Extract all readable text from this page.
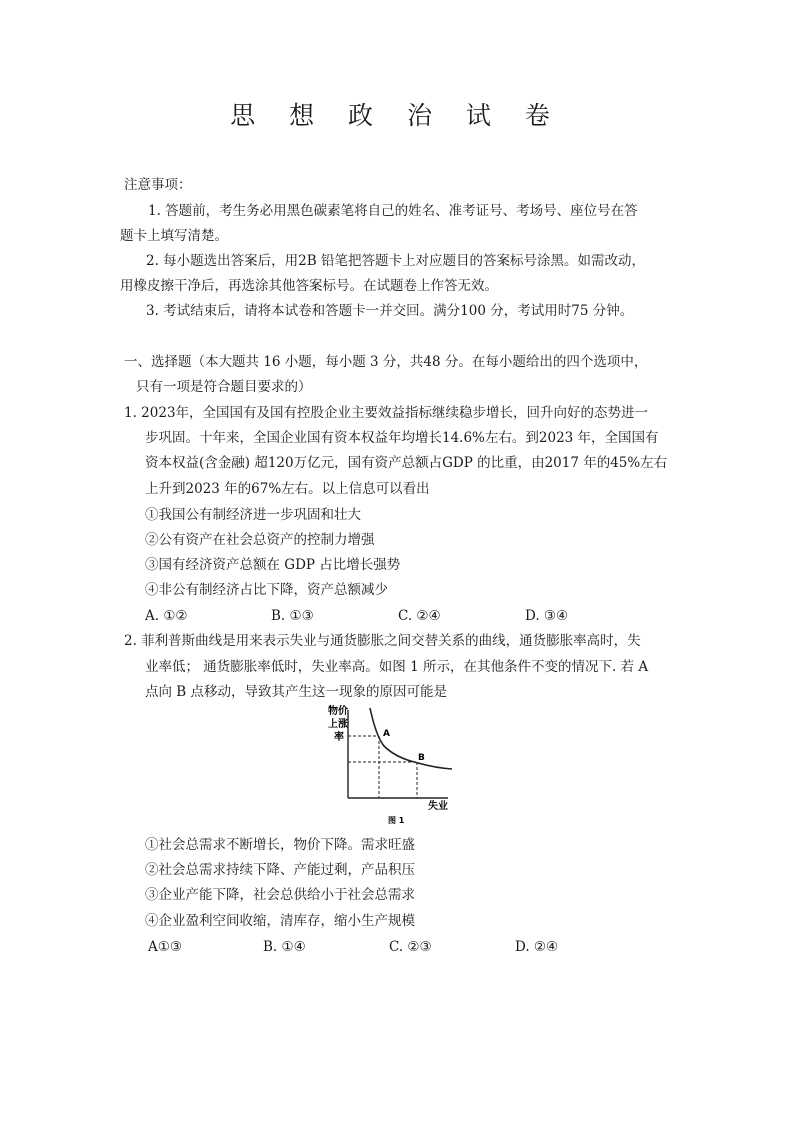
思 想 政 治 试 卷
注意事项：
1. 答题前，考生务必用黑色碳素笔将自己的姓名、准考证号、考场号、座位号在答
题卡上填写清楚。
2. 每小题选出答案后，用2B 铅笔把答题卡上对应题目的答案标号涂黑。如需改动，
用橡皮擦干净后，再选涂其他答案标号。在试题卷上作答无效。
3. 考试结束后，请将本试卷和答题卡一并交回。满分100 分，考试用时75 分钟。
一、选择题（本大题共 16 小题，每小题 3 分，共48 分。在每小题给出的四个选项中，
只有一项是符合题目要求的）
1. 2023年，全国国有及国有控股企业主要效益指标继续稳步增长，回升向好的态势进一
步巩固。十年来，全国企业国有资本权益年均增长14.6%左右。到2023 年，全国国有
资本权益(含金融) 超120万亿元，国有资产总额占GDP 的比重，由2017 年的45%左右
上升到2023 年的67%左右。以上信息可以看出
①我国公有制经济进一步巩固和壮大
②公有资产在社会总资产的控制力增强
③国有经济资产总额在 GDP 占比增长强势
④非公有制经济占比下降，资产总额减少
A. ①②	B. ①③	C. ②④	D. ③④
2. 菲利普斯曲线是用来表示失业与通货膨胀之间交替关系的曲线，通货膨胀率高时，失
业率低； 通货膨胀率低时，失业率高。如图 1 所示，在其他条件不变的情况下. 若 A
点向 B 点移动，导致其产生这一现象的原因可能是
物价
上涨
率	A
B
失业
图 1
①社会总需求不断增长，物价下降。需求旺盛
②社会总需求持续下降、产能过剩，产品积压
③企业产能下降，社会总供给小于社会总需求
④企业盈利空间收缩，清库存，缩小生产规模
A①③	B. ①④	C. ②③	D. ②④
